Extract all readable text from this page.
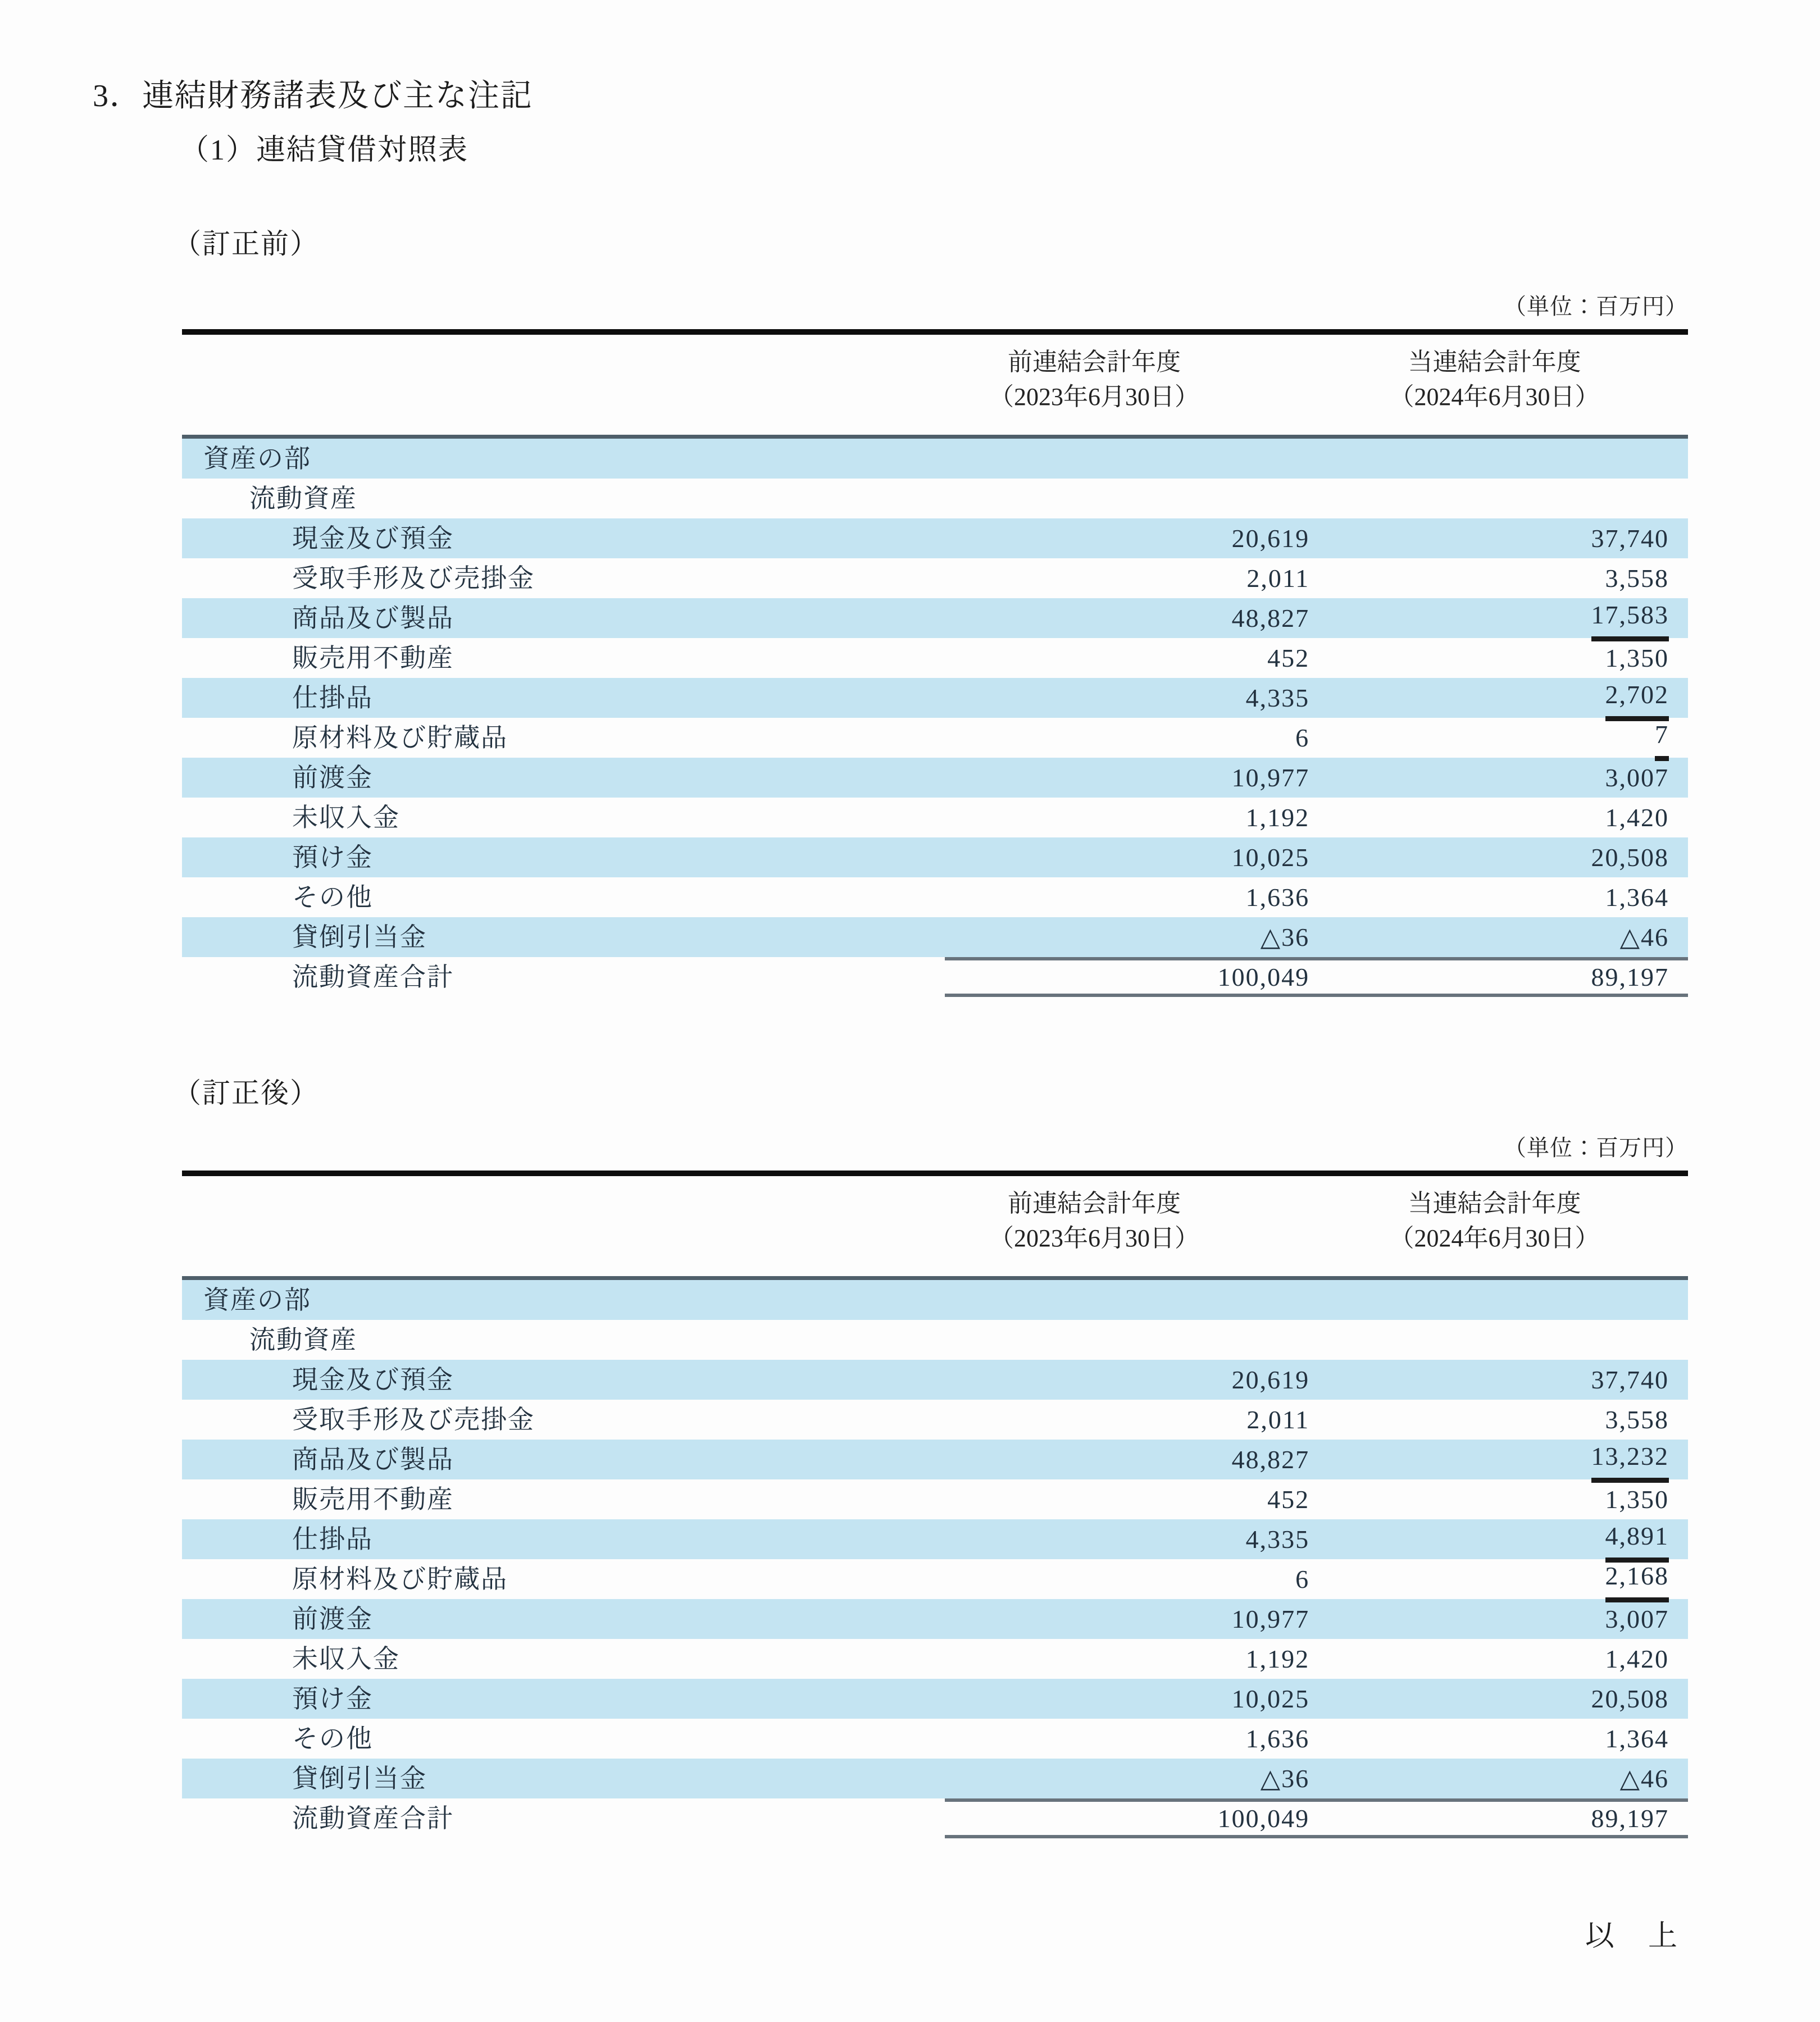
3．連結財務諸表及び主な注記
（1）連結貸借対照表
（訂正前）
（単位：百万円）
前連結会計年度
（2023年6月30日）
当連結会計年度
（2024年6月30日）
資産の部
流動資産
現金及び預金	20,619	37,740
受取手形及び売掛金	2,011	3,558
商品及び製品	48,827	17,583
販売用不動産	452	1,350
仕掛品	4,335	2,702
原材料及び貯蔵品	6	7
前渡金	10,977	3,007
未収入金	1,192	1,420
預け金	10,025	20,508
その他	1,636	1,364
貸倒引当金	△36	△46
流動資産合計	100,049	89,197
（訂正後）
（単位：百万円）
前連結会計年度
（2023年6月30日）
当連結会計年度
（2024年6月30日）
資産の部
流動資産
現金及び預金	20,619	37,740
受取手形及び売掛金	2,011	3,558
商品及び製品	48,827	13,232
販売用不動産	452	1,350
仕掛品	4,335	4,891
原材料及び貯蔵品	6	2,168
前渡金	10,977	3,007
未収入金	1,192	1,420
預け金	10,025	20,508
その他	1,636	1,364
貸倒引当金	△36	△46
流動資産合計	100,049	89,197
以　上
